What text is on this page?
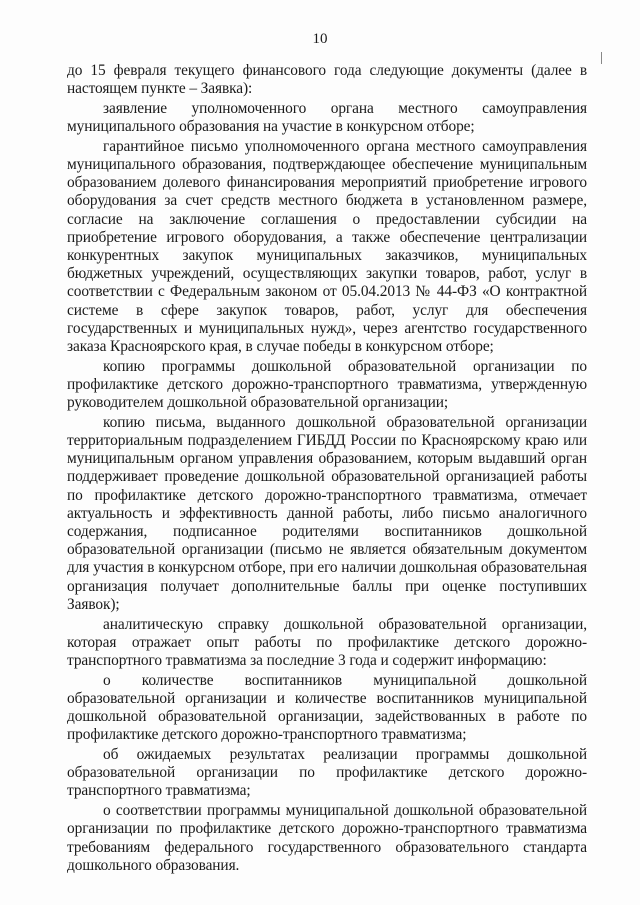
10

до 15 февраля текущего финансового года следующие документы (далее в настоящем пункте – Заявка):

заявление уполномоченного органа местного самоуправления муниципального образования на участие в конкурсном отборе;

гарантийное письмо уполномоченного органа местного самоуправления муниципального образования, подтверждающее обеспечение муниципальным образованием долевого финансирования мероприятий приобретение игрового оборудования за счет средств местного бюджета в установленном размере, согласие на заключение соглашения о предоставлении субсидии на приобретение игрового оборудования, а также обеспечение централизации конкурентных закупок муниципальных заказчиков, муниципальных бюджетных учреждений, осуществляющих закупки товаров, работ, услуг в соответствии с Федеральным законом от 05.04.2013 № 44-ФЗ «О контрактной системе в сфере закупок товаров, работ, услуг для обеспечения государственных и муниципальных нужд», через агентство государственного заказа Красноярского края, в случае победы в конкурсном отборе;

копию программы дошкольной образовательной организации по профилактике детского дорожно-транспортного травматизма, утвержденную руководителем дошкольной образовательной организации;

копию письма, выданного дошкольной образовательной организации территориальным подразделением ГИБДД России по Красноярскому краю или муниципальным органом управления образованием, которым выдавший орган поддерживает проведение дошкольной образовательной организацией работы по профилактике детского дорожно-транспортного травматизма, отмечает актуальность и эффективность данной работы, либо письмо аналогичного содержания, подписанное родителями воспитанников дошкольной образовательной организации (письмо не является обязательным документом для участия в конкурсном отборе, при его наличии дошкольная образовательная организация получает дополнительные баллы при оценке поступивших Заявок);

аналитическую справку дошкольной образовательной организации, которая отражает опыт работы по профилактике детского дорожно-транспортного травматизма за последние 3 года и содержит информацию:

о количестве воспитанников муниципальной дошкольной образовательной организации и количестве воспитанников муниципальной дошкольной образовательной организации, задействованных в работе по профилактике детского дорожно-транспортного травматизма;

об ожидаемых результатах реализации программы дошкольной образовательной организации по профилактике детского дорожно-транспортного травматизма;

о соответствии программы муниципальной дошкольной образовательной организации по профилактике детского дорожно-транспортного травматизма требованиям федерального государственного образовательного стандарта дошкольного образования.
